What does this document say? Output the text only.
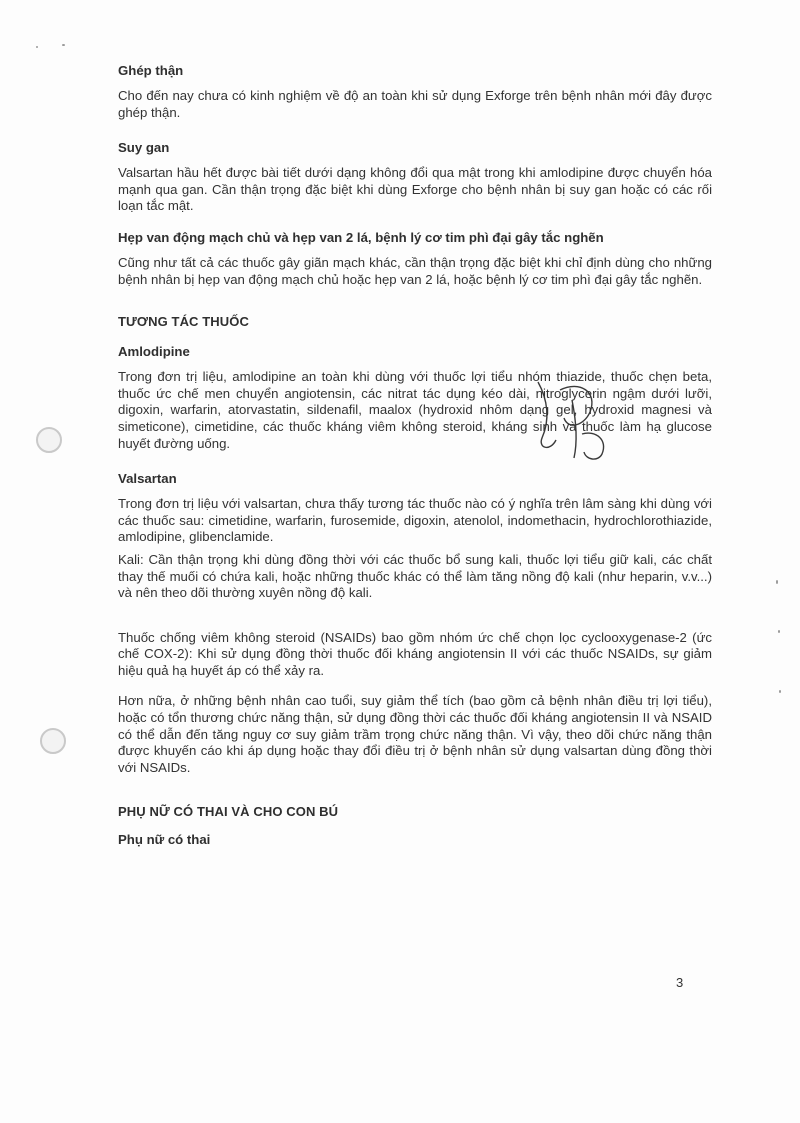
Ghép thận

Cho đến nay chưa có kinh nghiệm về độ an toàn khi sử dụng Exforge trên bệnh nhân mới đây được ghép thận.

Suy gan

Valsartan hầu hết được bài tiết dưới dạng không đổi qua mật trong khi amlodipine được chuyển hóa mạnh qua gan. Cần thận trọng đặc biệt khi dùng Exforge cho bệnh nhân bị suy gan hoặc có các rối loạn tắc mật.

Hẹp van động mạch chủ và hẹp van 2 lá, bệnh lý cơ tim phì đại gây tắc nghẽn

Cũng như tất cả các thuốc gây giãn mạch khác, cần thận trọng đặc biệt khi chỉ định dùng cho những bệnh nhân bị hẹp van động mạch chủ hoặc hẹp van 2 lá, hoặc bệnh lý cơ tim phì đại gây tắc nghẽn.

TƯƠNG TÁC THUỐC

Amlodipine

Trong đơn trị liệu, amlodipine an toàn khi dùng với thuốc lợi tiểu nhóm thiazide, thuốc chẹn beta, thuốc ức chế men chuyển angiotensin, các nitrat tác dụng kéo dài, nitroglycerin ngậm dưới lưỡi, digoxin, warfarin, atorvastatin, sildenafil, maalox (hydroxid nhôm dạng gel, hydroxid magnesi và simeticone), cimetidine, các thuốc kháng viêm không steroid, kháng sinh và thuốc làm hạ glucose huyết đường uống.

Valsartan

Trong đơn trị liệu với valsartan, chưa thấy tương tác thuốc nào có ý nghĩa trên lâm sàng khi dùng với các thuốc sau: cimetidine, warfarin, furosemide, digoxin, atenolol, indomethacin, hydrochlorothiazide, amlodipine, glibenclamide.

Kali: Cần thận trọng khi dùng đồng thời với các thuốc bổ sung kali, thuốc lợi tiểu giữ kali, các chất thay thế muối có chứa kali, hoặc những thuốc khác có thể làm tăng nồng độ kali (như heparin, v.v...) và nên theo dõi thường xuyên nồng độ kali.

Thuốc chống viêm không steroid (NSAIDs) bao gồm nhóm ức chế chọn lọc cyclooxygenase-2 (ức chế COX-2): Khi sử dụng đồng thời thuốc đối kháng angiotensin II với các thuốc NSAIDs, sự giảm hiệu quả hạ huyết áp có thể xảy ra.

Hơn nữa, ở những bệnh nhân cao tuổi, suy giảm thể tích (bao gồm cả bệnh nhân điều trị lợi tiểu), hoặc có tổn thương chức năng thận, sử dụng đồng thời các thuốc đối kháng angiotensin II và NSAID có thể dẫn đến tăng nguy cơ suy giảm trầm trọng chức năng thận. Vì vậy, theo dõi chức năng thận được khuyến cáo khi áp dụng hoặc thay đổi điều trị ở bệnh nhân sử dụng valsartan dùng đồng thời với NSAIDs.

PHỤ NỮ CÓ THAI VÀ CHO CON BÚ

Phụ nữ có thai

3
